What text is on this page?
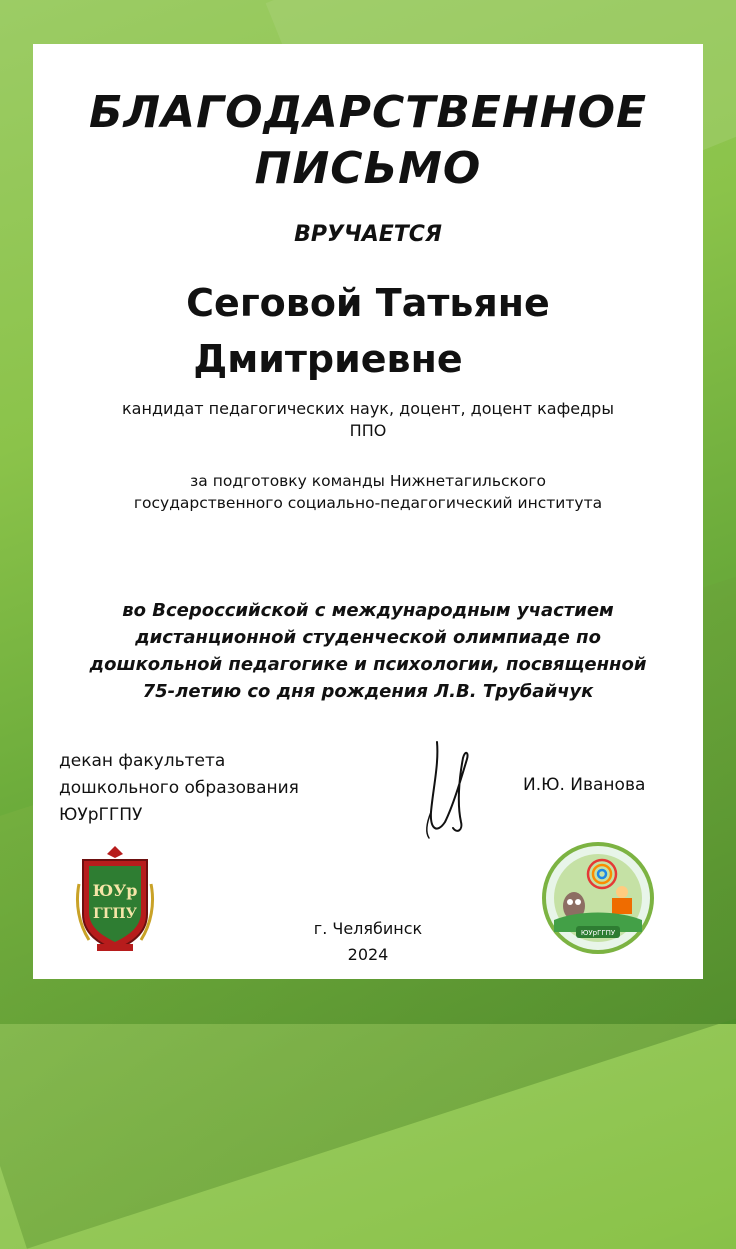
БЛАГОДАРСТВЕННОЕ
ПИСЬМО
ВРУЧАЕТСЯ
Сеговой Татьяне
Дмитриевне
кандидат педагогических наук, доцент, доцент кафедры
ППО
за подготовку команды Нижнетагильского
государственного социально-педагогический института
во Всероссийской с международным участием
дистанционной студенческой олимпиаде по
дошкольной педагогике и психологии, посвященной
75-летию со дня рождения Л.В. Трубайчук
декан факультета
дошкольного образования
ЮУрГГПУ
И.Ю. Иванова
ЮУр
ГГПУ
г. Челябинск
2024
ЮУрГГПУ
